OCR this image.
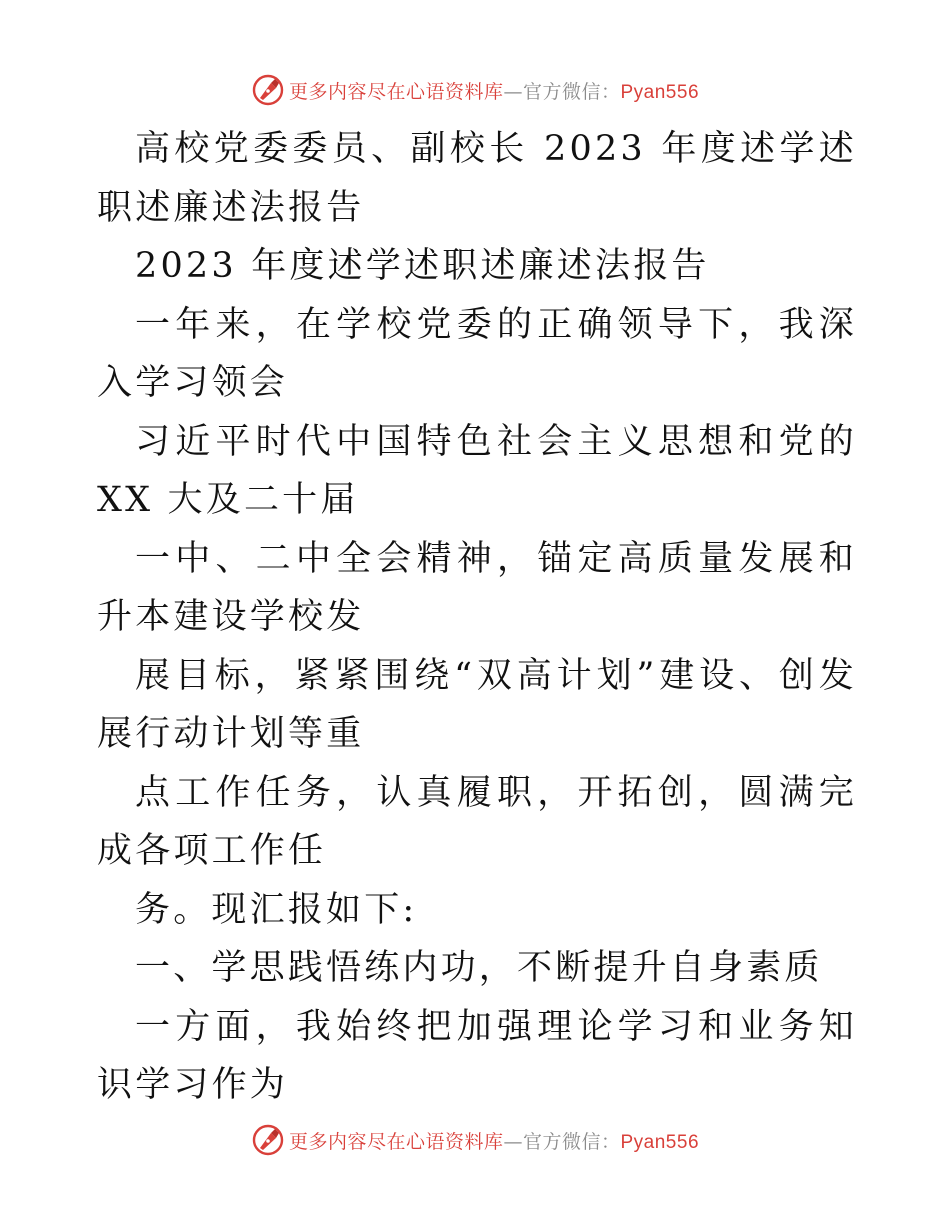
更多内容尽在心语资料库—官方微信：Pyan556

高校党委委员、副校长 2023 年度述学述职述廉述法报告

2023 年度述学述职述廉述法报告

一年来，在学校党委的正确领导下，我深入学习领会

习近平时代中国特色社会主义思想和党的 XX 大及二十届

一中、二中全会精神，锚定高质量发展和升本建设学校发

展目标，紧紧围绕“双高计划”建设、创发展行动计划等重

点工作任务，认真履职，开拓创，圆满完成各项工作任

务。现汇报如下:

一、学思践悟练内功，不断提升自身素质

一方面，我始终把加强理论学习和业务知识学习作为

更多内容尽在心语资料库—官方微信：Pyan556
